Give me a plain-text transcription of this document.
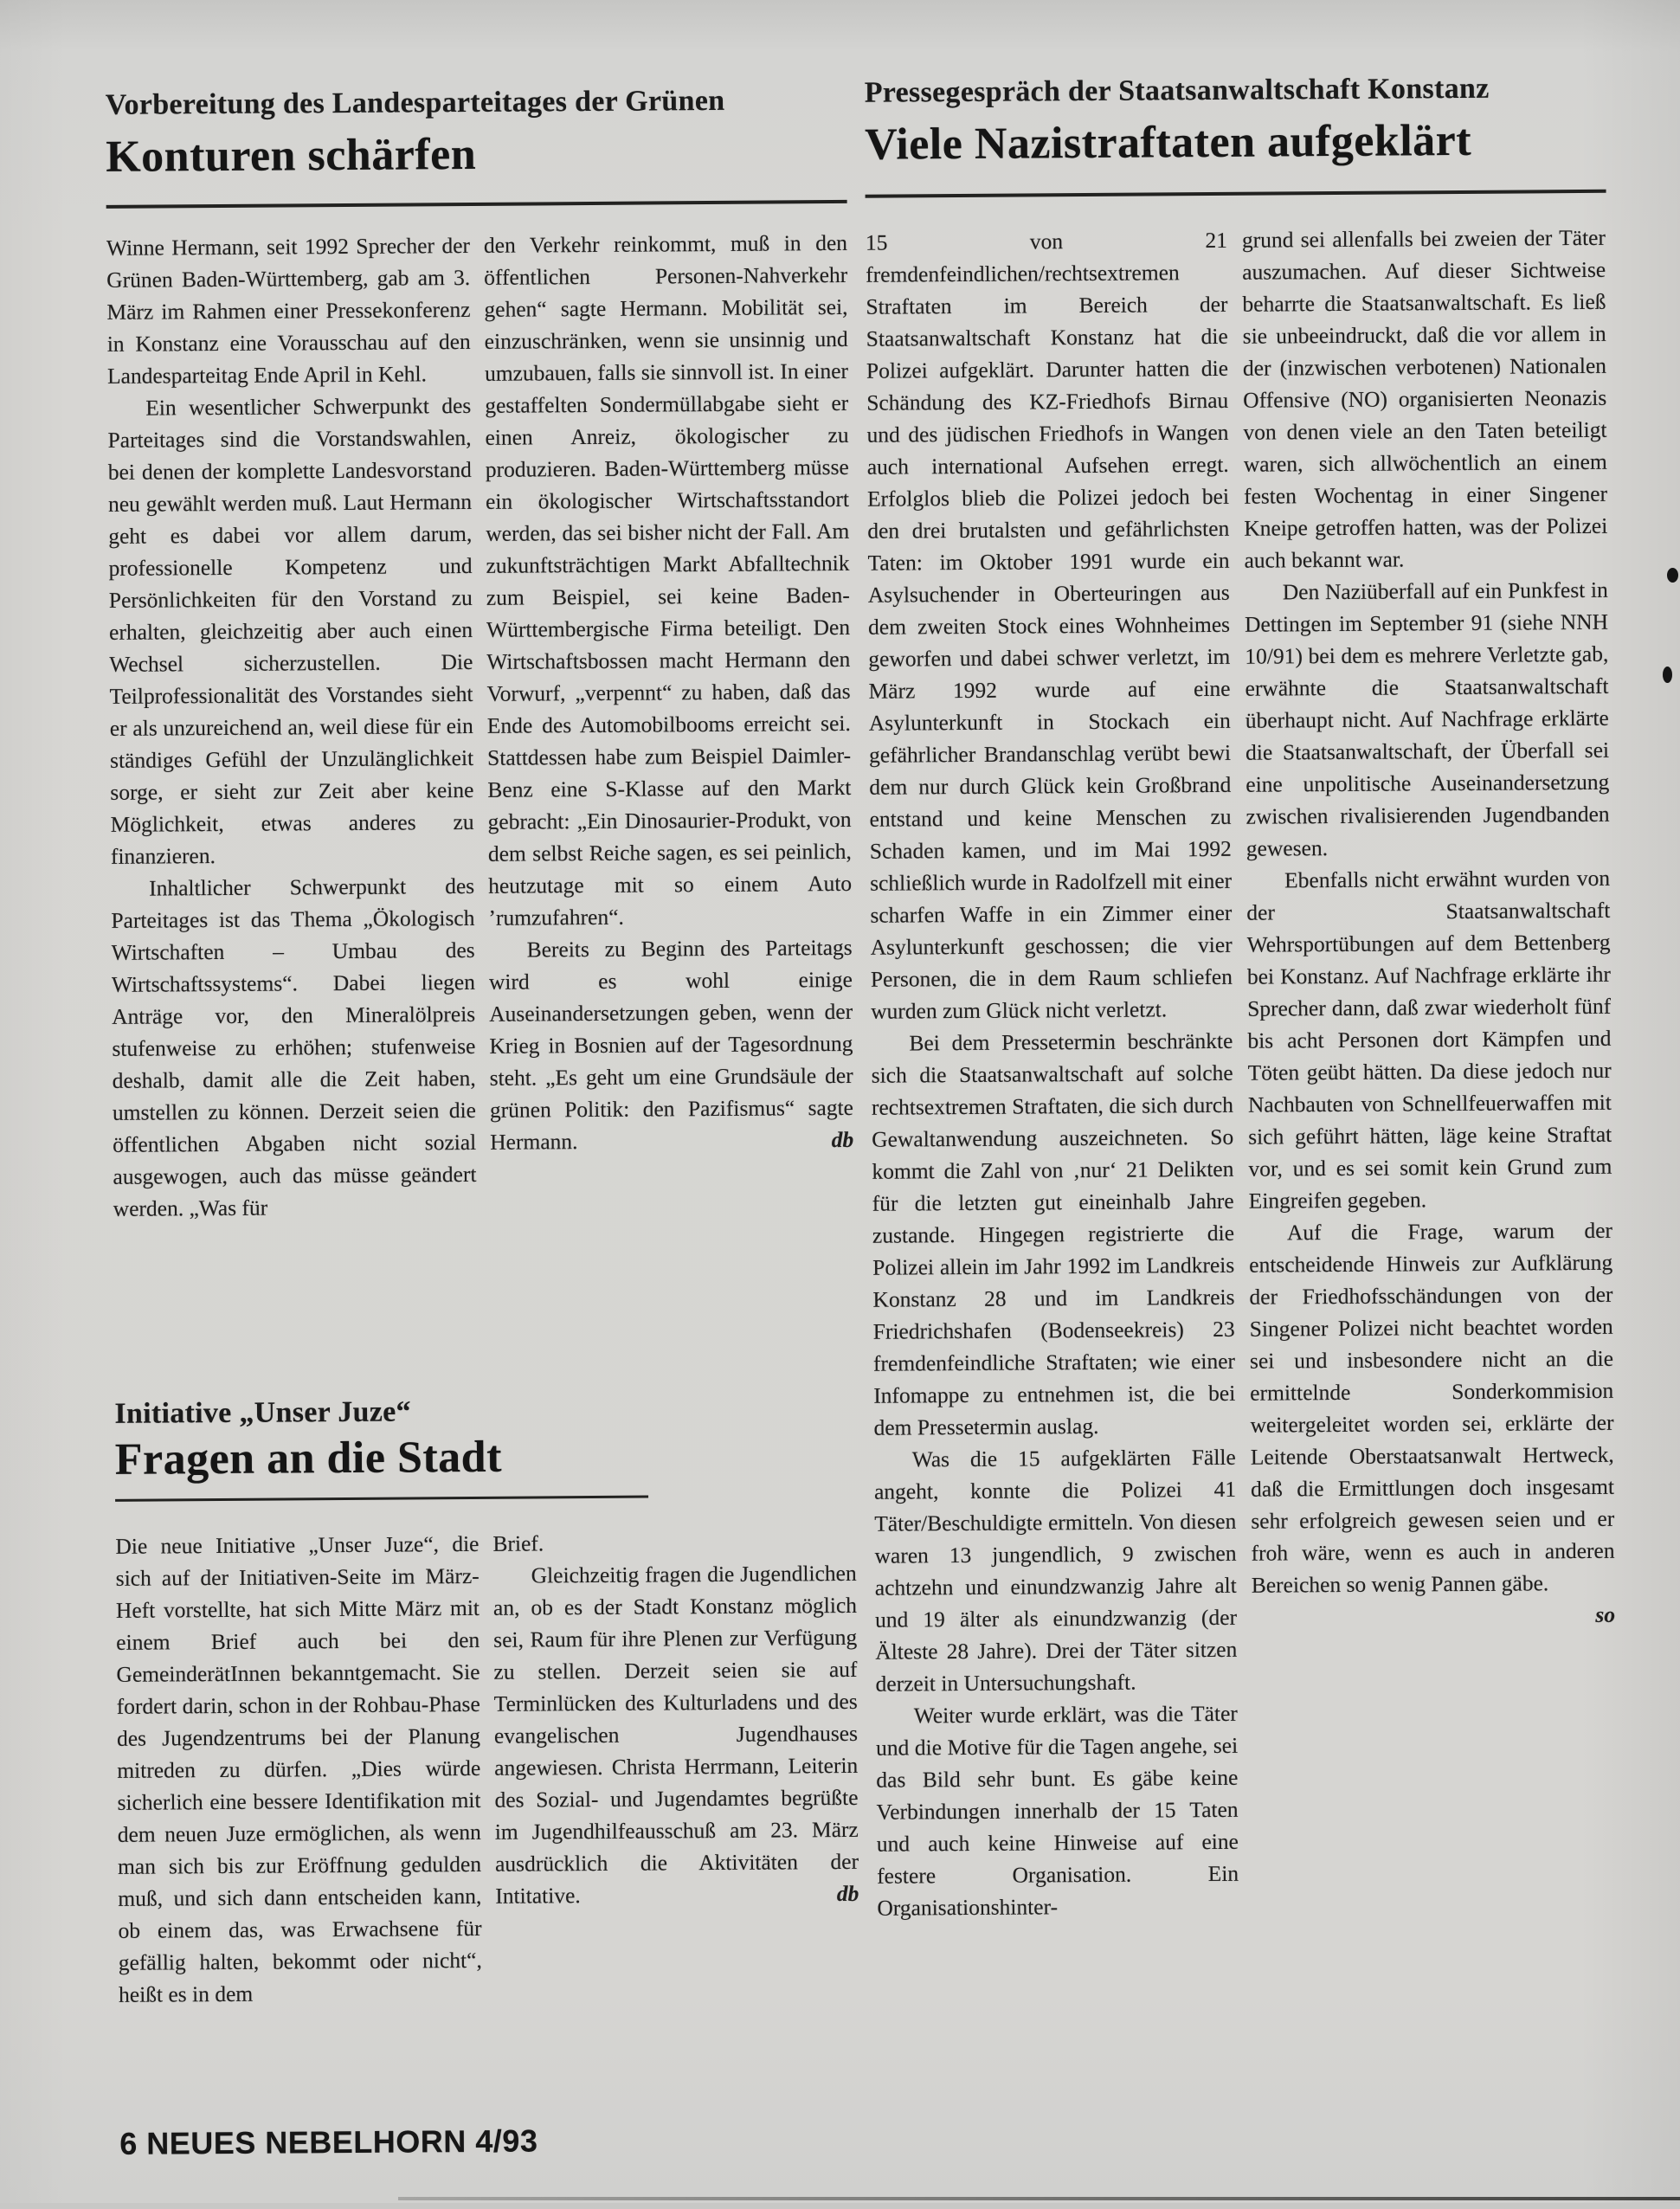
Vorbereitung des Landesparteitages der Grünen
Konturen schärfen

Winne Hermann, seit 1992 Sprecher der Grünen Baden-Württemberg, gab am 3. März im Rahmen einer Pressekonferenz in Konstanz eine Vorausschau auf den Landesparteitag Ende April in Kehl.

Ein wesentlicher Schwerpunkt des Parteitages sind die Vorstandswahlen, bei denen der komplette Landesvorstand neu gewählt werden muß. Laut Hermann geht es dabei vor allem darum, professionelle Kompetenz und Persönlichkeiten für den Vorstand zu erhalten, gleichzeitig aber auch einen Wechsel sicherzustellen. Die Teilprofessionalität des Vorstandes sieht er als unzureichend an, weil diese für ein ständiges Gefühl der Unzulänglichkeit sorge, er sieht zur Zeit aber keine Möglichkeit, etwas anderes zu finanzieren.

Inhaltlicher Schwerpunkt des Parteitages ist das Thema „Ökologisch Wirtschaften – Umbau des Wirtschaftssystems“. Dabei liegen Anträge vor, den Mineralölpreis stufenweise zu erhöhen; stufenweise deshalb, damit alle die Zeit haben, umstellen zu können. Derzeit seien die öffentlichen Abgaben nicht sozial ausgewogen, auch das müsse geändert werden. „Was für

den Verkehr reinkommt, muß in den öffentlichen Personen-Nahverkehr gehen“ sagte Hermann. Mobilität sei, einzuschränken, wenn sie unsinnig und umzubauen, falls sie sinnvoll ist. In einer gestaffelten Sondermüllabgabe sieht er einen Anreiz, ökologischer zu produzieren. Baden-Württemberg müsse ein ökologischer Wirtschaftsstandort werden, das sei bisher nicht der Fall. Am zukunftsträchtigen Markt Abfalltechnik zum Beispiel, sei keine Baden-Württembergische Firma beteiligt. Den Wirtschaftsbossen macht Hermann den Vorwurf, „verpennt“ zu haben, daß das Ende des Automobilbooms erreicht sei. Stattdessen habe zum Beispiel Daimler-Benz eine S-Klasse auf den Markt gebracht: „Ein Dinosaurier-Produkt, von dem selbst Reiche sagen, es sei peinlich, heutzutage mit so einem Auto ’rumzufahren“.

Bereits zu Beginn des Parteitags wird es wohl einige Auseinandersetzungen geben, wenn der Krieg in Bosnien auf der Tagesordnung steht. „Es geht um eine Grundsäule der grünen Politik: den Pazifismus“ sagte Hermann.	db

Pressegespräch der Staatsanwaltschaft Konstanz
Viele Nazistraftaten aufgeklärt

15 von 21 fremdenfeindlichen/rechtsextremen Straftaten im Bereich der Staatsanwaltschaft Konstanz hat die Polizei aufgeklärt. Darunter hatten die Schändung des KZ-Friedhofs Birnau und des jüdischen Friedhofs in Wangen auch international Aufsehen erregt. Erfolglos blieb die Polizei jedoch bei den drei brutalsten und gefährlichsten Taten: im Oktober 1991 wurde ein Asylsuchender in Oberteuringen aus dem zweiten Stock eines Wohnheimes geworfen und dabei schwer verletzt, im März 1992 wurde auf eine Asylunterkunft in Stockach ein gefährlicher Brandanschlag verübt bewi dem nur durch Glück kein Großbrand entstand und keine Menschen zu Schaden kamen, und im Mai 1992 schließlich wurde in Radolfzell mit einer scharfen Waffe in ein Zimmer einer Asylunterkunft geschossen; die vier Personen, die in dem Raum schliefen wurden zum Glück nicht verletzt.

Bei dem Pressetermin beschränkte sich die Staatsanwaltschaft auf solche rechtsextremen Straftaten, die sich durch Gewaltanwendung auszeichneten. So kommt die Zahl von ‚nur‘ 21 Delikten für die letzten gut eineinhalb Jahre zustande. Hingegen registrierte die Polizei allein im Jahr 1992 im Landkreis Konstanz 28 und im Landkreis Friedrichshafen (Bodenseekreis) 23 fremdenfeindliche Straftaten; wie einer Infomappe zu entnehmen ist, die bei dem Pressetermin auslag.

Was die 15 aufgeklärten Fälle angeht, konnte die Polizei 41 Täter/Beschuldigte ermitteln. Von diesen waren 13 jungendlich, 9 zwischen achtzehn und einundzwanzig Jahre alt und 19 älter als einundzwanzig (der Älteste 28 Jahre). Drei der Täter sitzen derzeit in Untersuchungshaft.

Weiter wurde erklärt, was die Täter und die Motive für die Tagen angehe, sei das Bild sehr bunt. Es gäbe keine Verbindungen innerhalb der 15 Taten und auch keine Hinweise auf eine festere Organisation. Ein Organisationshinter-

grund sei allenfalls bei zweien der Täter auszumachen. Auf dieser Sichtweise beharrte die Staatsanwaltschaft. Es ließ sie unbeeindruckt, daß die vor allem in der (inzwischen verbotenen) Nationalen Offensive (NO) organisierten Neonazis von denen viele an den Taten beteiligt waren, sich allwöchentlich an einem festen Wochentag in einer Singener Kneipe getroffen hatten, was der Polizei auch bekannt war.

Den Naziüberfall auf ein Punkfest in Dettingen im September 91 (siehe NNH 10/91) bei dem es mehrere Verletzte gab, erwähnte die Staatsanwaltschaft überhaupt nicht. Auf Nachfrage erklärte die Staatsanwaltschaft, der Überfall sei eine unpolitische Auseinandersetzung zwischen rivalisierenden Jugendbanden gewesen.

Ebenfalls nicht erwähnt wurden von der Staatsanwaltschaft Wehrsportübungen auf dem Bettenberg bei Konstanz. Auf Nachfrage erklärte ihr Sprecher dann, daß zwar wiederholt fünf bis acht Personen dort Kämpfen und Töten geübt hätten. Da diese jedoch nur Nachbauten von Schnellfeuerwaffen mit sich geführt hätten, läge keine Straftat vor, und es sei somit kein Grund zum Eingreifen gegeben.

Auf die Frage, warum der entscheidende Hinweis zur Aufklärung der Friedhofsschändungen von der Singener Polizei nicht beachtet worden sei und insbesondere nicht an die ermittelnde Sonderkommision weitergeleitet worden sei, erklärte der Leitende Oberstaatsanwalt Hertweck, daß die Ermittlungen doch insgesamt sehr erfolgreich gewesen seien und er froh wäre, wenn es auch in anderen Bereichen so wenig Pannen gäbe.
so

Initiative „Unser Juze“
Fragen an die Stadt

Die neue Initiative „Unser Juze“, die sich auf der Initiativen-Seite im März-Heft vorstellte, hat sich Mitte März mit einem Brief auch bei den GemeinderätInnen bekanntgemacht. Sie fordert darin, schon in der Rohbau-Phase des Jugendzentrums bei der Planung mitreden zu dürfen. „Dies würde sicherlich eine bessere Identifikation mit dem neuen Juze ermöglichen, als wenn man sich bis zur Eröffnung gedulden muß, und sich dann entscheiden kann, ob einem das, was Erwachsene für gefällig halten, bekommt oder nicht“, heißt es in dem

Brief.

Gleichzeitig fragen die Jugendlichen an, ob es der Stadt Konstanz möglich sei, Raum für ihre Plenen zur Verfügung zu stellen. Derzeit seien sie auf Terminlücken des Kulturladens und des evangelischen Jugendhauses angewiesen. Christa Herrmann, Leiterin des Sozial- und Jugendamtes begrüßte im Jugendhilfeausschuß am 23. März ausdrücklich die Aktivitäten der Intitative.	db

6 NEUES NEBELHORN 4/93
